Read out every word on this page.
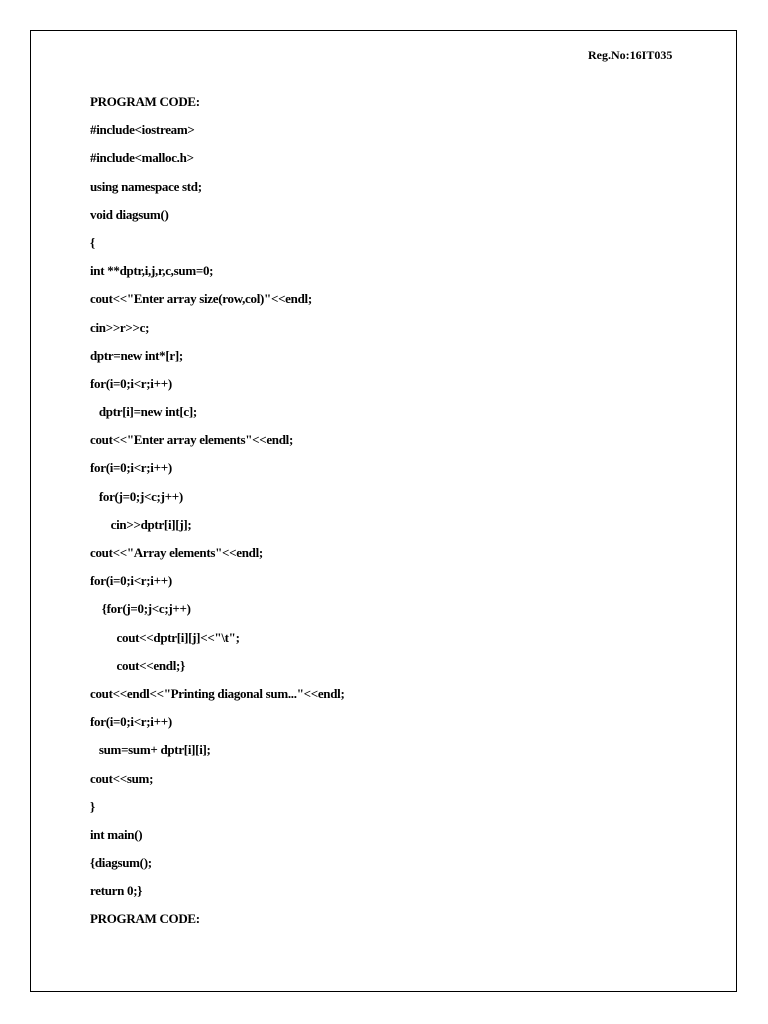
Reg.No:16IT035
PROGRAM CODE:
#include<iostream>
#include<malloc.h>
using namespace std;
void diagsum()
{
int **dptr,i,j,r,c,sum=0;
cout<<"Enter array size(row,col)"<<endl;
cin>>r>>c;
dptr=new int*[r];
for(i=0;i<r;i++)
dptr[i]=new int[c];
cout<<"Enter array elements"<<endl;
for(i=0;i<r;i++)
for(j=0;j<c;j++)
cin>>dptr[i][j];
cout<<"Array elements"<<endl;
for(i=0;i<r;i++)
{for(j=0;j<c;j++)
cout<<dptr[i][j]<<"\t";
cout<<endl;}
cout<<endl<<"Printing diagonal sum..."<<endl;
for(i=0;i<r;i++)
sum=sum+ dptr[i][i];
cout<<sum;
}
int main()
{diagsum();
return 0;}
PROGRAM CODE:
